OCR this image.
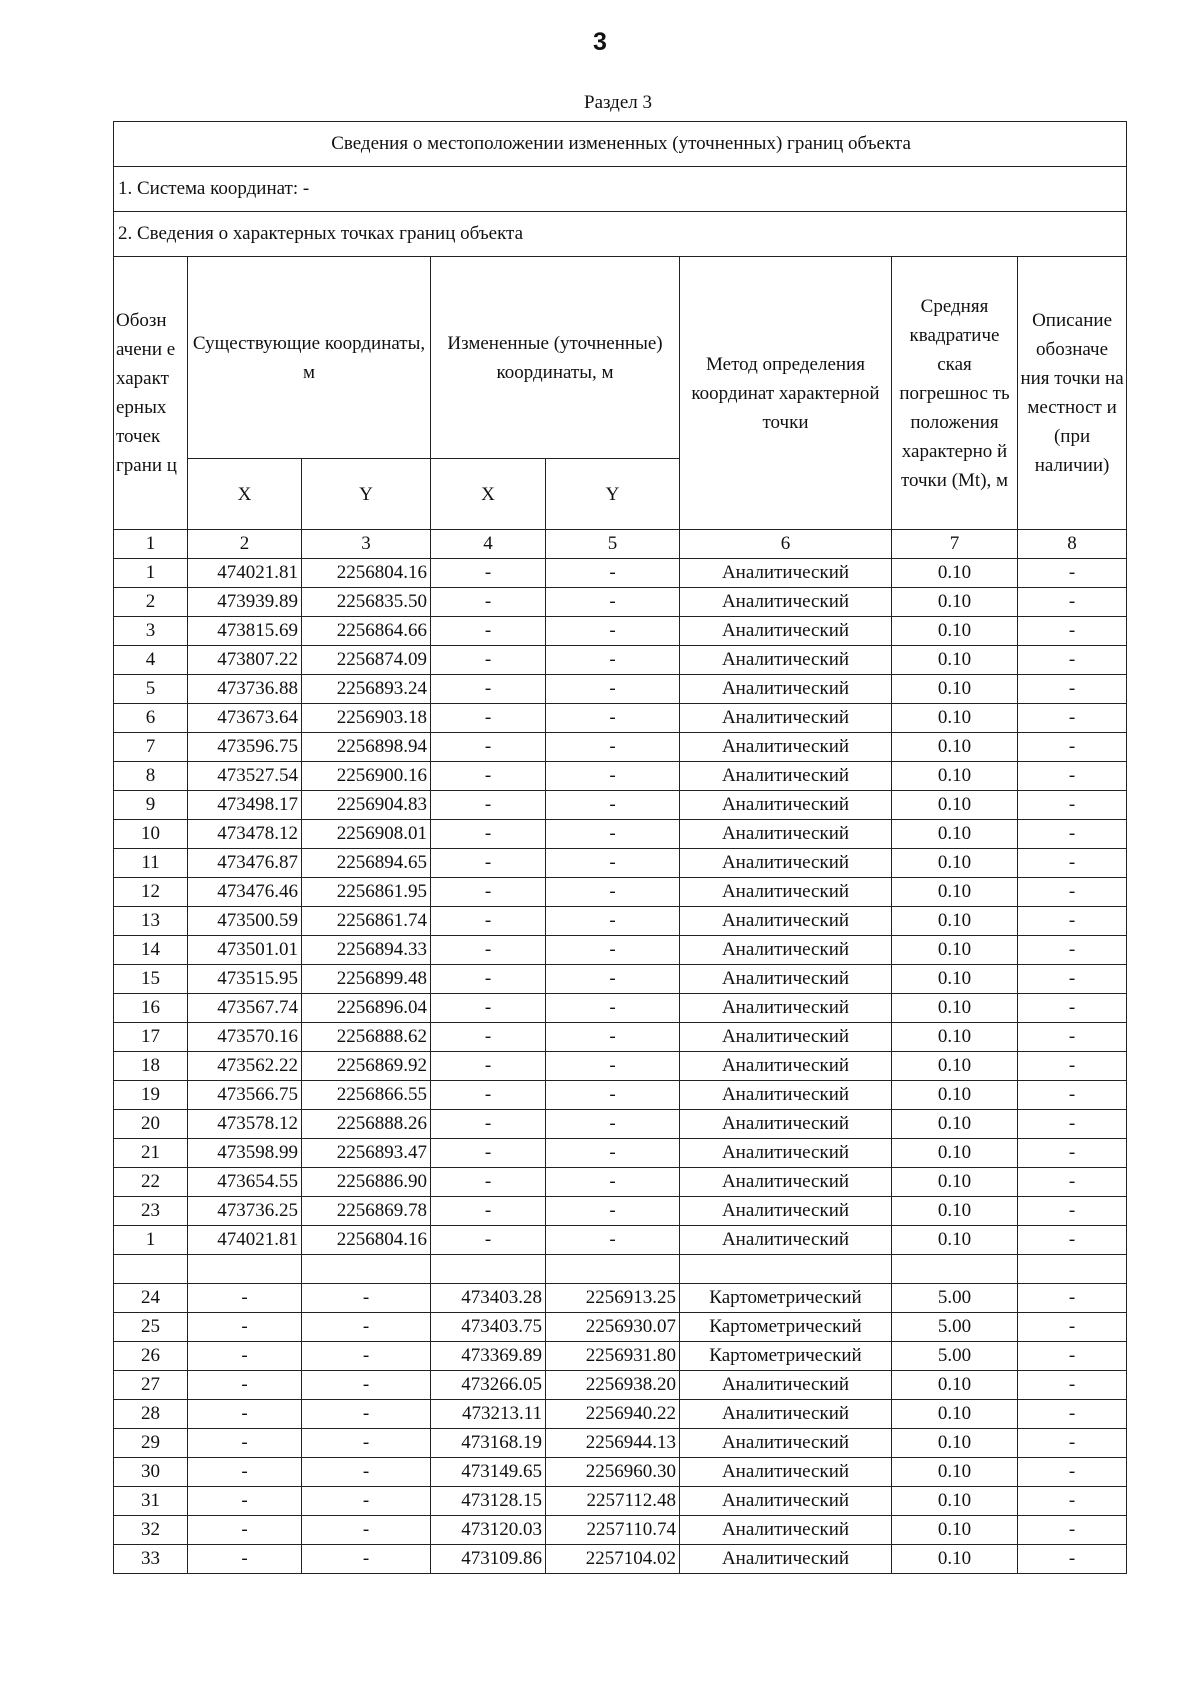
3
Раздел 3
Сведения о местоположении измененных (уточненных) границ объекта							
1. Система координат: -							
2. Сведения о характерных точках границ объекта							
Обозн ачени е характ ерных точек грани ц	Существующие координаты, м		Измененные (уточненные) координаты, м		Метод определения координат характерной точки	Средняя квадратиче ская погрешнос ть положения характерно й точки (Mt), м	Описание обозначе ния точки на местност и (при наличии)
	X	Y	X	Y			
1	2	3	4	5	6	7	8
1	474021.81	2256804.16	-	-	Аналитический	0.10	-
2	473939.89	2256835.50	-	-	Аналитический	0.10	-
3	473815.69	2256864.66	-	-	Аналитический	0.10	-
4	473807.22	2256874.09	-	-	Аналитический	0.10	-
5	473736.88	2256893.24	-	-	Аналитический	0.10	-
6	473673.64	2256903.18	-	-	Аналитический	0.10	-
7	473596.75	2256898.94	-	-	Аналитический	0.10	-
8	473527.54	2256900.16	-	-	Аналитический	0.10	-
9	473498.17	2256904.83	-	-	Аналитический	0.10	-
10	473478.12	2256908.01	-	-	Аналитический	0.10	-
11	473476.87	2256894.65	-	-	Аналитический	0.10	-
12	473476.46	2256861.95	-	-	Аналитический	0.10	-
13	473500.59	2256861.74	-	-	Аналитический	0.10	-
14	473501.01	2256894.33	-	-	Аналитический	0.10	-
15	473515.95	2256899.48	-	-	Аналитический	0.10	-
16	473567.74	2256896.04	-	-	Аналитический	0.10	-
17	473570.16	2256888.62	-	-	Аналитический	0.10	-
18	473562.22	2256869.92	-	-	Аналитический	0.10	-
19	473566.75	2256866.55	-	-	Аналитический	0.10	-
20	473578.12	2256888.26	-	-	Аналитический	0.10	-
21	473598.99	2256893.47	-	-	Аналитический	0.10	-
22	473654.55	2256886.90	-	-	Аналитический	0.10	-
23	473736.25	2256869.78	-	-	Аналитический	0.10	-
1	474021.81	2256804.16	-	-	Аналитический	0.10	-

24	-	-	473403.28	2256913.25	Картометрический	5.00	-
25	-	-	473403.75	2256930.07	Картометрический	5.00	-
26	-	-	473369.89	2256931.80	Картометрический	5.00	-
27	-	-	473266.05	2256938.20	Аналитический	0.10	-
28	-	-	473213.11	2256940.22	Аналитический	0.10	-
29	-	-	473168.19	2256944.13	Аналитический	0.10	-
30	-	-	473149.65	2256960.30	Аналитический	0.10	-
31	-	-	473128.15	2257112.48	Аналитический	0.10	-
32	-	-	473120.03	2257110.74	Аналитический	0.10	-
33	-	-	473109.86	2257104.02	Аналитический	0.10	-
